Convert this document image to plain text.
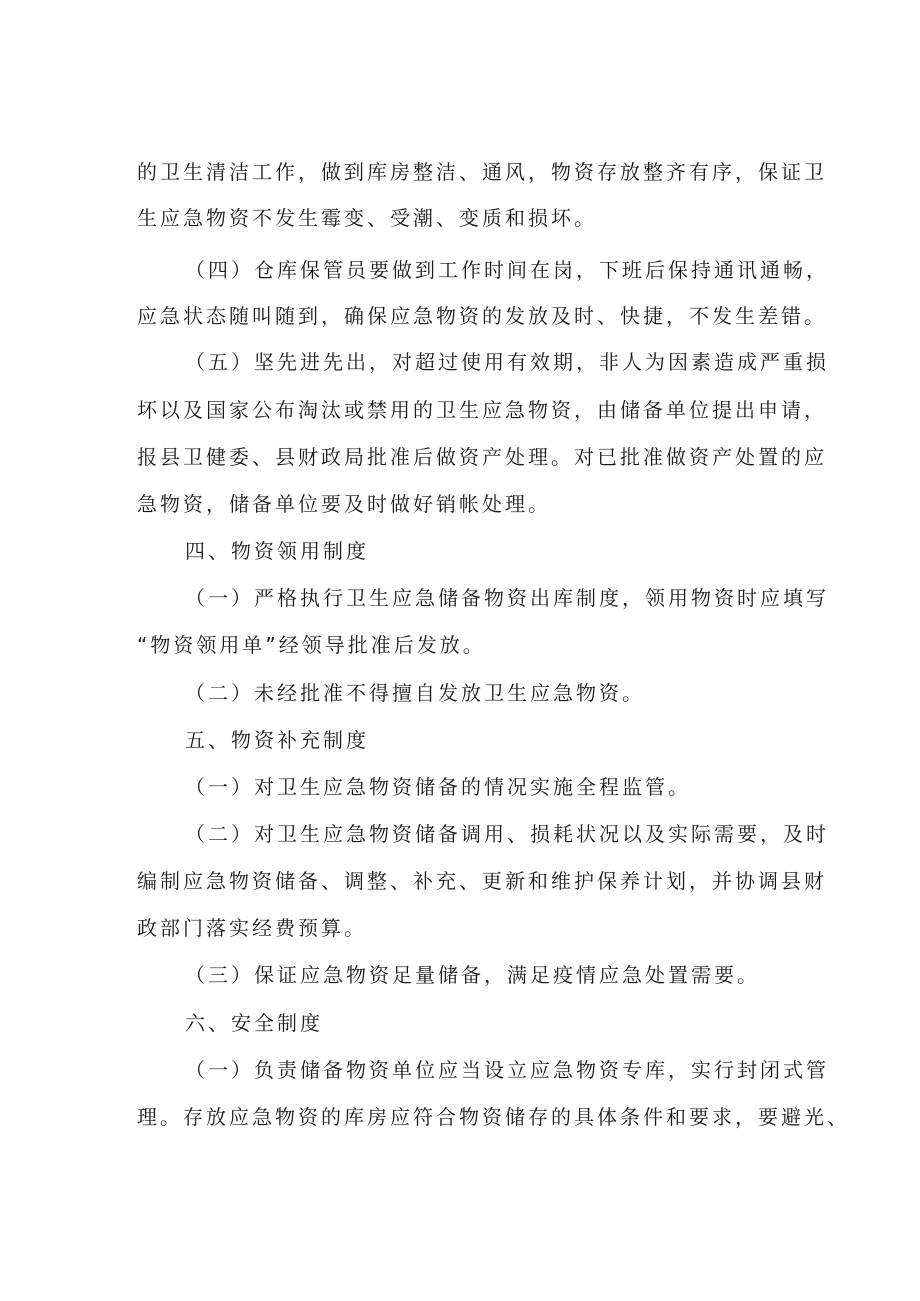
的卫生清洁工作，做到库房整洁、通风，物资存放整齐有序，保证卫
生应急物资不发生霉变、受潮、变质和损坏。
（四）仓库保管员要做到工作时间在岗，下班后保持通讯通畅，
应急状态随叫随到，确保应急物资的发放及时、快捷，不发生差错。
（五）坚先进先出，对超过使用有效期，非人为因素造成严重损
坏以及国家公布淘汰或禁用的卫生应急物资，由储备单位提出申请，
报县卫健委、县财政局批准后做资产处理。对已批准做资产处置的应
急物资，储备单位要及时做好销帐处理。
四、物资领用制度
（一）严格执行卫生应急储备物资出库制度，领用物资时应填写
“物资领用单”经领导批准后发放。
（二）未经批准不得擅自发放卫生应急物资。
五、物资补充制度
（一）对卫生应急物资储备的情况实施全程监管。
（二）对卫生应急物资储备调用、损耗状况以及实际需要，及时
编制应急物资储备、调整、补充、更新和维护保养计划，并协调县财
政部门落实经费预算。
（三）保证应急物资足量储备，满足疫情应急处置需要。
六、安全制度
（一）负责储备物资单位应当设立应急物资专库，实行封闭式管
理。存放应急物资的库房应符合物资储存的具体条件和要求，要避光、
